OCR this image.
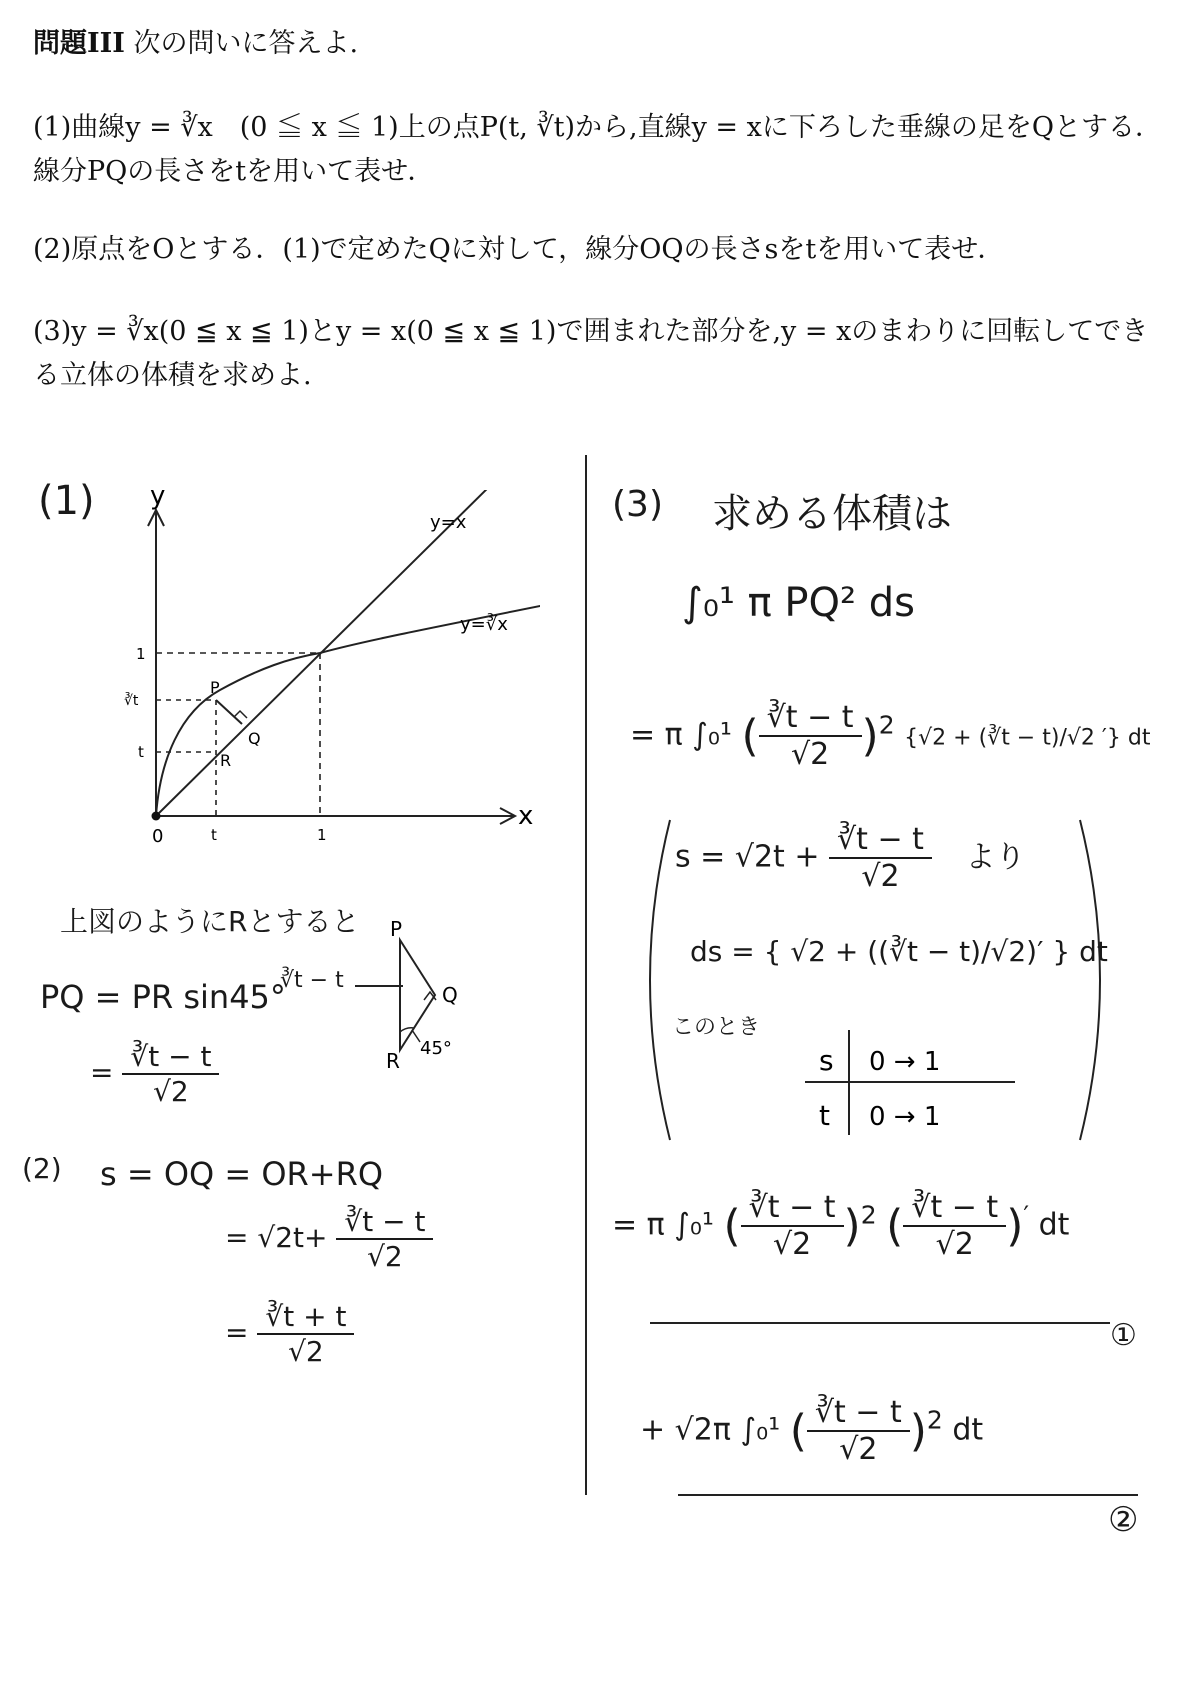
問題III 次の問いに答えよ.
(1)曲線y = ∛x　(0 ≦ x ≦ 1)上の点P(t, ∛t)から,直線y = xに下ろした垂線の足をQとする．線分PQの長さをtを用いて表せ．
(2)原点をOとする．(1)で定めたQに対して，線分OQの長さsをtを用いて表せ．
(3)y = ∛x(0 ≦ x ≦ 1)とy = x(0 ≦ x ≦ 1)で囲まれた部分を,y = xのまわりに回転してできる立体の体積を求めよ.
(1) y
x
y=x
y=∛x
1
∛t
t
0	t	1
P
Q
R
上図のようにRとすると
PQ = PR sin45°
∛t − t
P
Q
R
45°
= $\frac{∛t - t}{√2}$
(2) s = OQ = OR+RQ
= $√2t+ \frac{∛t - t}{√2}$
= $\frac{∛t + t}{√2}$
(3) 求める体積は
∫₀¹ π PQ² ds
= π ∫₀¹ ( $\frac{∛t - t}{√2} )^2$ {√2 + (∛t − t)/√2 ′} dt
$s = √2t + \frac{∛t - t}{√2}$ より
ds = { √2 + ((∛t − t)/√2)′ } dt
このとき
s 0 → 1
t 0 → 1
= π ∫₀¹ ( $\frac{∛t - t}{√2} )^2$ ( $\frac{∛t - t}{√2} )'$ dt
①
+ √2π ∫₀¹ ( $\frac{∛t - t}{√2} )^2$ dt
②
